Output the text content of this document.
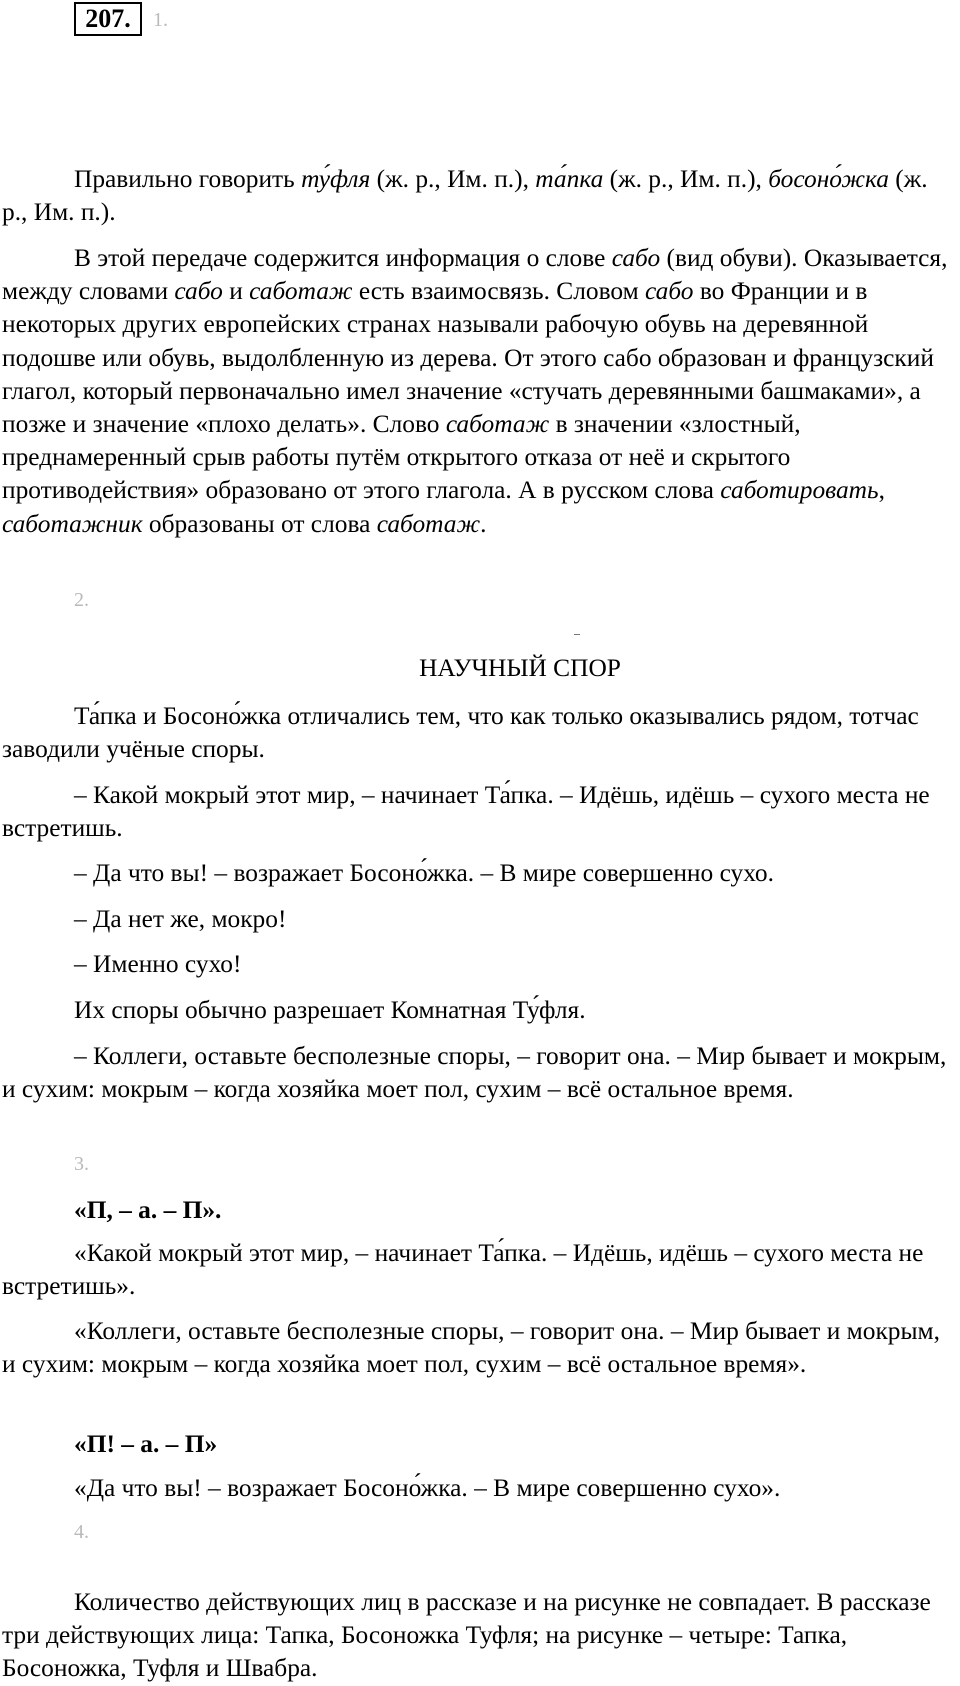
207.	1.

Правильно говорить ту́фля (ж. р., Им. п.), та́пка (ж. р., Им. п.), босоно́жка (ж. р., Им. п.).

В этой передаче содержится информация о слове сабо (вид обуви). Оказывается, между словами сабо и саботаж есть взаимосвязь. Словом сабо во Франции и в некоторых других европейских странах называли рабочую обувь на деревянной подошве или обувь, выдолбленную из дерева. От этого сабо образован и французский глагол, который первоначально имел значение «стучать деревянными башмаками», а позже и значение «плохо делать». Слово саботаж в значении «злостный, преднамеренный срыв работы путём открытого отказа от неё и скрытого противодействия» образовано от этого глагола. А в русском слова саботировать, саботажник образованы от слова саботаж.

2.
НАУЧНЫЙ СПОР

Та́пка и Босоно́жка отличались тем, что как только оказывались рядом, тотчас заводили учёные споры.

– Какой мокрый этот мир, – начинает Та́пка. – Идёшь, идёшь – сухого места не встретишь.

– Да что вы! – возражает Босоно́жка. – В мире совершенно сухо.

– Да нет же, мокро!

– Именно сухо!

Их споры обычно разрешает Комнатная Ту́фля.

– Коллеги, оставьте бесполезные споры, – говорит она. – Мир бывает и мокрым, и сухим: мокрым – когда хозяйка моет пол, сухим – всё остальное время.

3.
«П, – а. – П».

«Какой мокрый этот мир, – начинает Та́пка. – Идёшь, идёшь – сухого места не встретишь».

«Коллеги, оставьте бесполезные споры, – говорит она. – Мир бывает и мокрым, и сухим: мокрым – когда хозяйка моет пол, сухим – всё остальное время».

«П! – а. – П»

«Да что вы! – возражает Босоно́жка. – В мире совершенно сухо».

4.

Количество действующих лиц в рассказе и на рисунке не совпадает. В рассказе три действующих лица: Тапка, Босоножка Туфля; на рисунке – четыре: Тапка, Босоножка, Туфля и Швабра.
